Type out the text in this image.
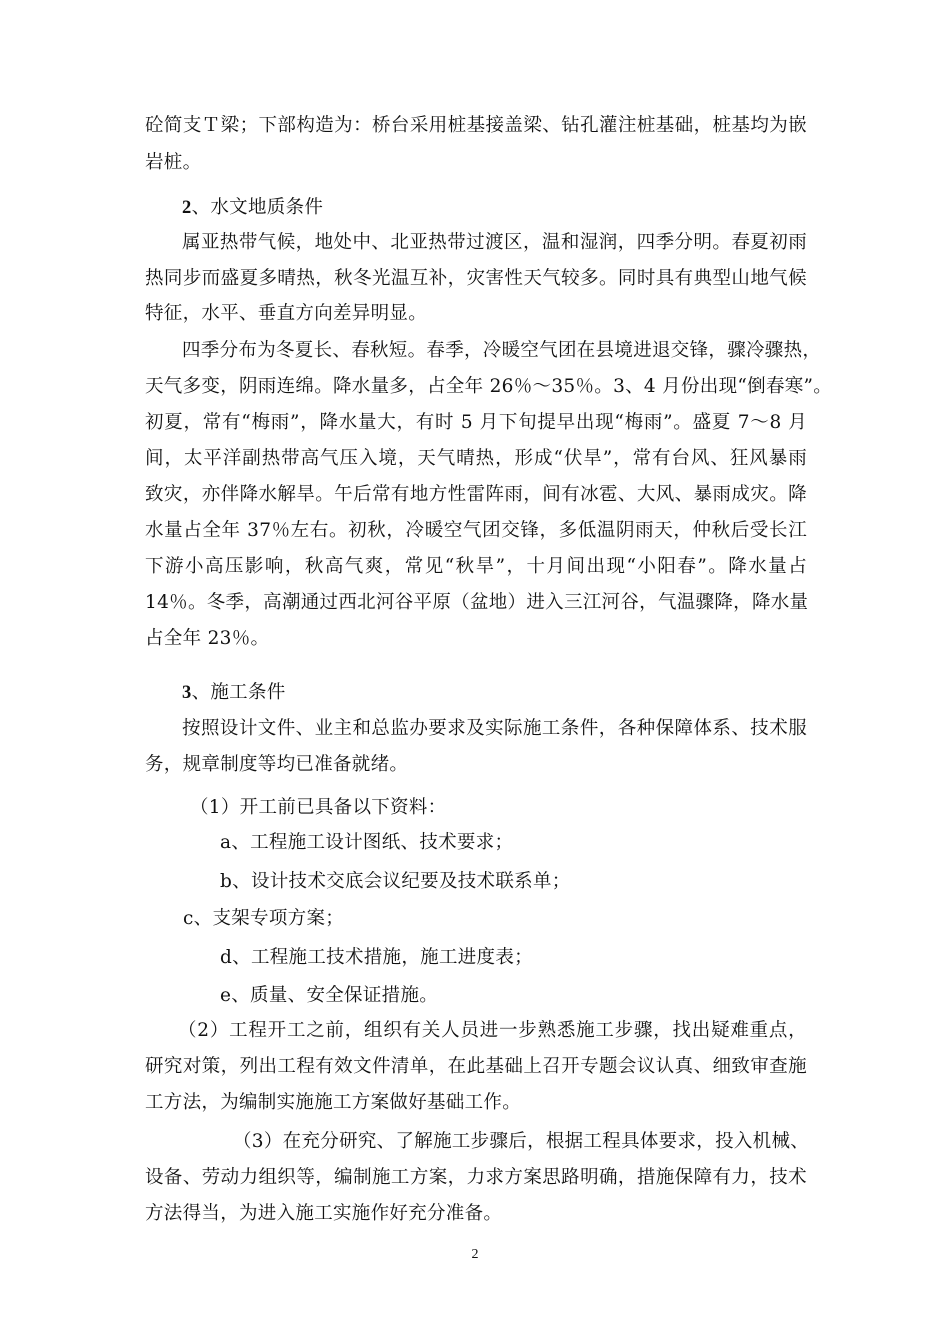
砼简支Ｔ梁；下部构造为：桥台采用桩基接盖梁、钻孔灌注桩基础，桩基均为嵌
岩桩。
2、水文地质条件
属亚热带气候，地处中、北亚热带过渡区，温和湿润，四季分明。春夏初雨
热同步而盛夏多晴热，秋冬光温互补，灾害性天气较多。同时具有典型山地气候
特征，水平、垂直方向差异明显。
四季分布为冬夏长、春秋短。春季，冷暖空气团在县境进退交锋，骤冷骤热，
天气多变，阴雨连绵。降水量多，占全年 26％～35％。3、4 月份出现“倒春寒”。
初夏，常有“梅雨”，降水量大，有时 5 月下旬提早出现“梅雨”。盛夏 7～8 月
间，太平洋副热带高气压入境，天气晴热，形成“伏旱”，常有台风、狂风暴雨
致灾，亦伴降水解旱。午后常有地方性雷阵雨，间有冰雹、大风、暴雨成灾。降
水量占全年 37％左右。初秋，冷暖空气团交锋，多低温阴雨天，仲秋后受长江
下游小高压影响，秋高气爽，常见“秋旱”，十月间出现“小阳春”。降水量占
14％。冬季，高潮通过西北河谷平原（盆地）进入三江河谷，气温骤降，降水量
占全年 23％。
3、施工条件
按照设计文件、业主和总监办要求及实际施工条件，各种保障体系、技术服
务，规章制度等均已准备就绪。
（1）开工前已具备以下资料：
a、工程施工设计图纸、技术要求；
b、设计技术交底会议纪要及技术联系单；
c、支架专项方案；
d、工程施工技术措施，施工进度表；
e、质量、安全保证措施。
（2）工程开工之前，组织有关人员进一步熟悉施工步骤，找出疑难重点，
研究对策，列出工程有效文件清单，在此基础上召开专题会议认真、细致审查施
工方法，为编制实施施工方案做好基础工作。
（3）在充分研究、了解施工步骤后，根据工程具体要求，投入机械、
设备、劳动力组织等，编制施工方案，力求方案思路明确，措施保障有力，技术
方法得当，为进入施工实施作好充分准备。
2
